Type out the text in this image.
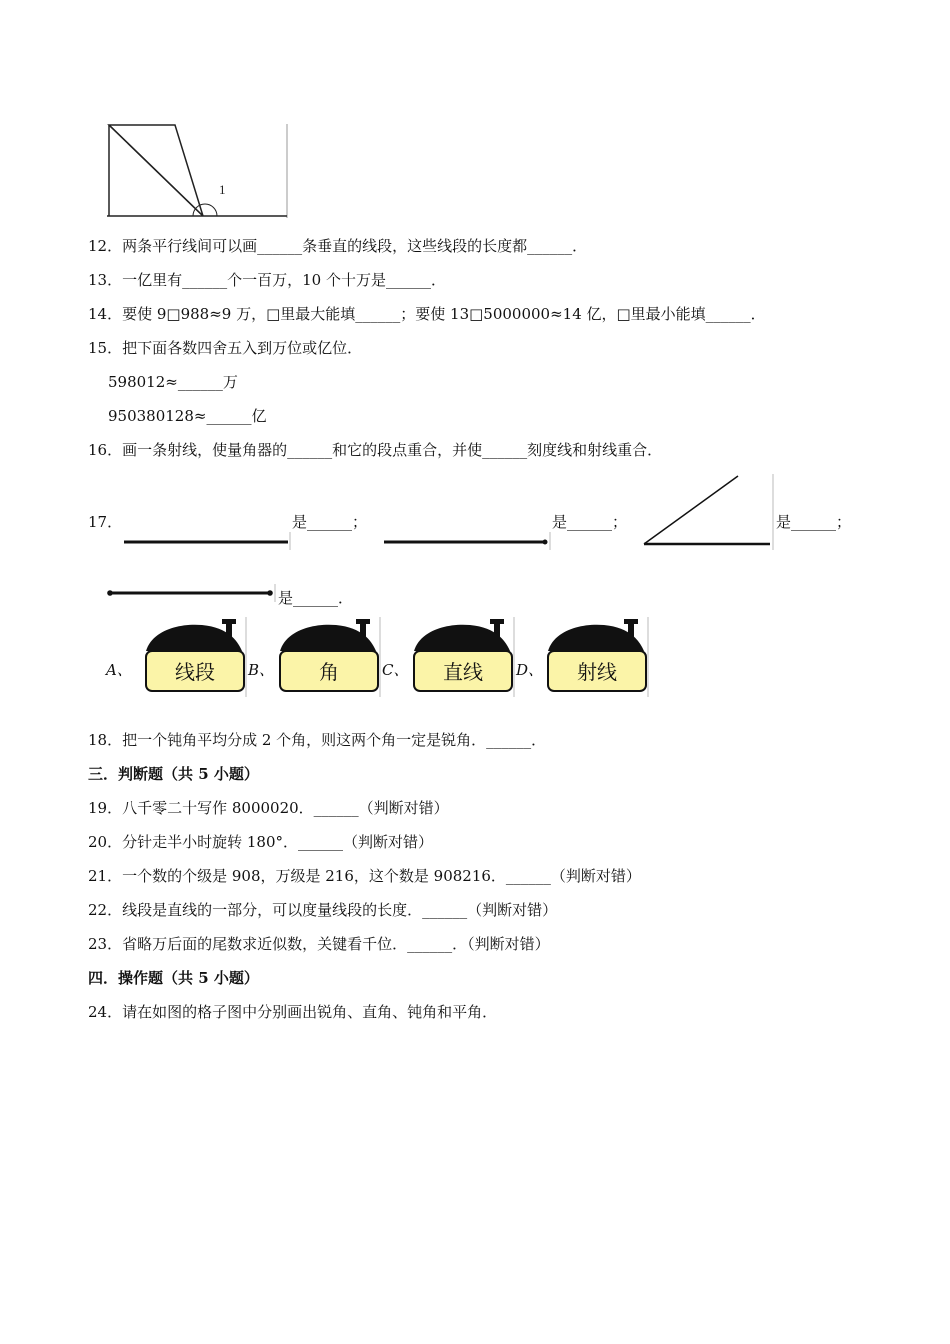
1
12．两条平行线间可以画______条垂直的线段，这些线段的长度都______．
13．一亿里有______个一百万，10 个十万是______．
14．要使 9□988≈9 万，□里最大能填______；要使 13□5000000≈14 亿，□里最小能填______．
15．把下面各数四舍五入到万位或亿位．
598012≈______万
950380128≈______亿
16．画一条射线，使量角器的______和它的段点重合，并使______刻度线和射线重合．
17．	是______；	是______；	是______；
是______．
A、 线段 B、 角	C、 直线 D、 射线
18．把一个钝角平均分成 2 个角，则这两个角一定是锐角．______．
三．判断题（共 5 小题）
19．八千零二十写作 8000020．______（判断对错）
20．分针走半小时旋转 180°．______（判断对错）
21．一个数的个级是 908，万级是 216，这个数是 908216．______（判断对错）
22．线段是直线的一部分，可以度量线段的长度．______（判断对错）
23．省略万后面的尾数求近似数，关键看千位．______．（判断对错）
四．操作题（共 5 小题）
24．请在如图的格子图中分别画出锐角、直角、钝角和平角．
